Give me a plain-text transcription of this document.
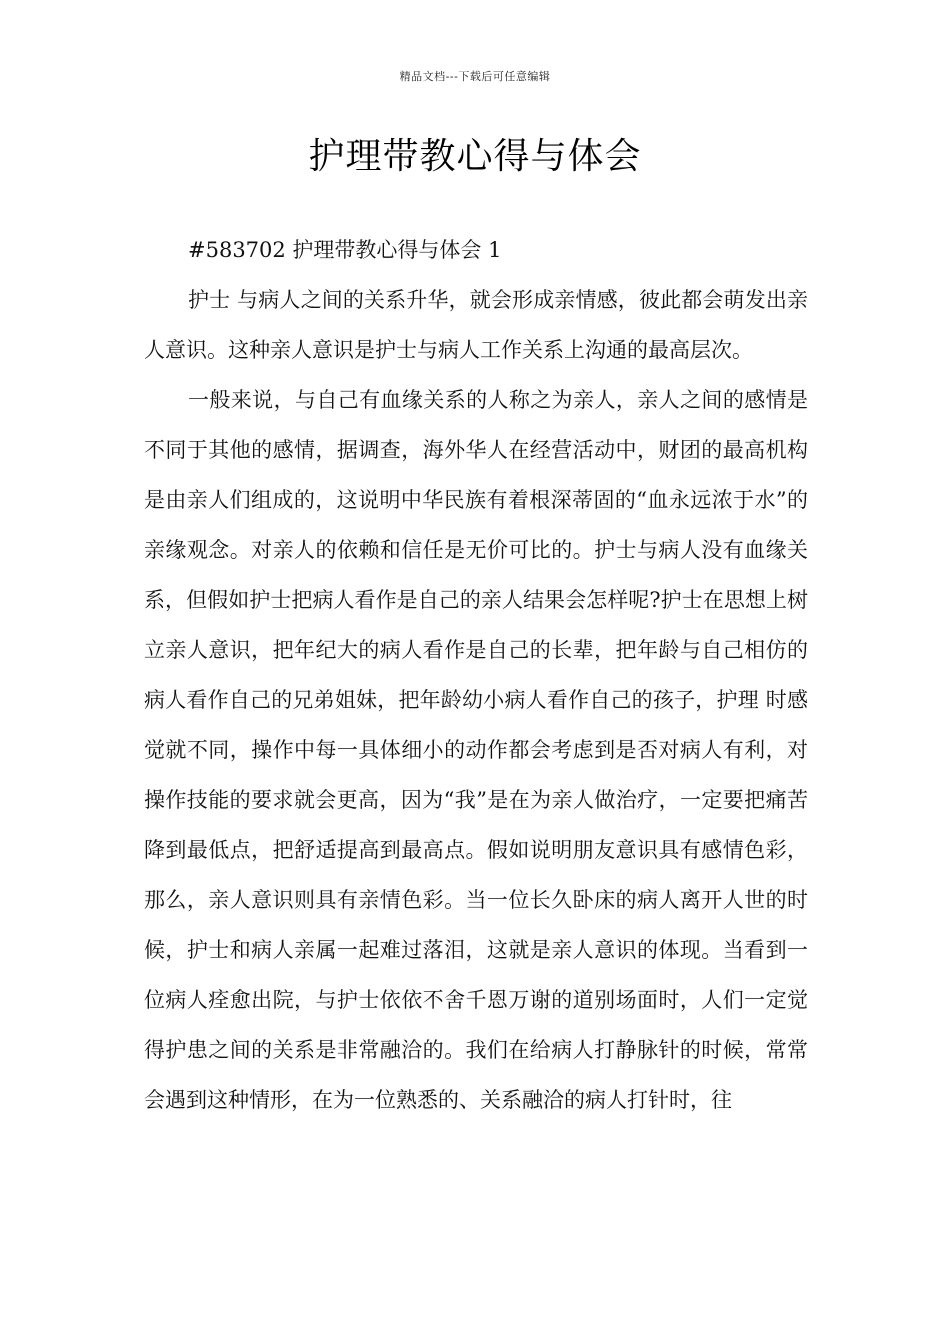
精品文档---下载后可任意编辑
护理带教心得与体会

#583702 护理带教心得与体会 1

护士 与病人之间的关系升华，就会形成亲情感，彼此都会萌发出亲人意识。这种亲人意识是护士与病人工作关系上沟通的最高层次。

一般来说，与自己有血缘关系的人称之为亲人，亲人之间的感情是不同于其他的感情，据调查，海外华人在经营活动中，财团的最高机构是由亲人们组成的，这说明中华民族有着根深蒂固的“血永远浓于水”的亲缘观念。对亲人的依赖和信任是无价可比的。护士与病人没有血缘关系，但假如护士把病人看作是自己的亲人结果会怎样呢?护士在思想上树立亲人意识，把年纪大的病人看作是自己的长辈，把年龄与自己相仿的病人看作自己的兄弟姐妹，把年龄幼小病人看作自己的孩子，护理 时感觉就不同，操作中每一具体细小的动作都会考虑到是否对病人有利，对操作技能的要求就会更高，因为“我”是在为亲人做治疗，一定要把痛苦降到最低点，把舒适提高到最高点。假如说明朋友意识具有感情色彩，那么，亲人意识则具有亲情色彩。当一位长久卧床的病人离开人世的时候，护士和病人亲属一起难过落泪，这就是亲人意识的体现。当看到一位病人痊愈出院，与护士依依不舍千恩万谢的道别场面时，人们一定觉得护患之间的关系是非常融洽的。我们在给病人打静脉针的时候，常常会遇到这种情形，在为一位熟悉的、关系融洽的病人打针时，往
